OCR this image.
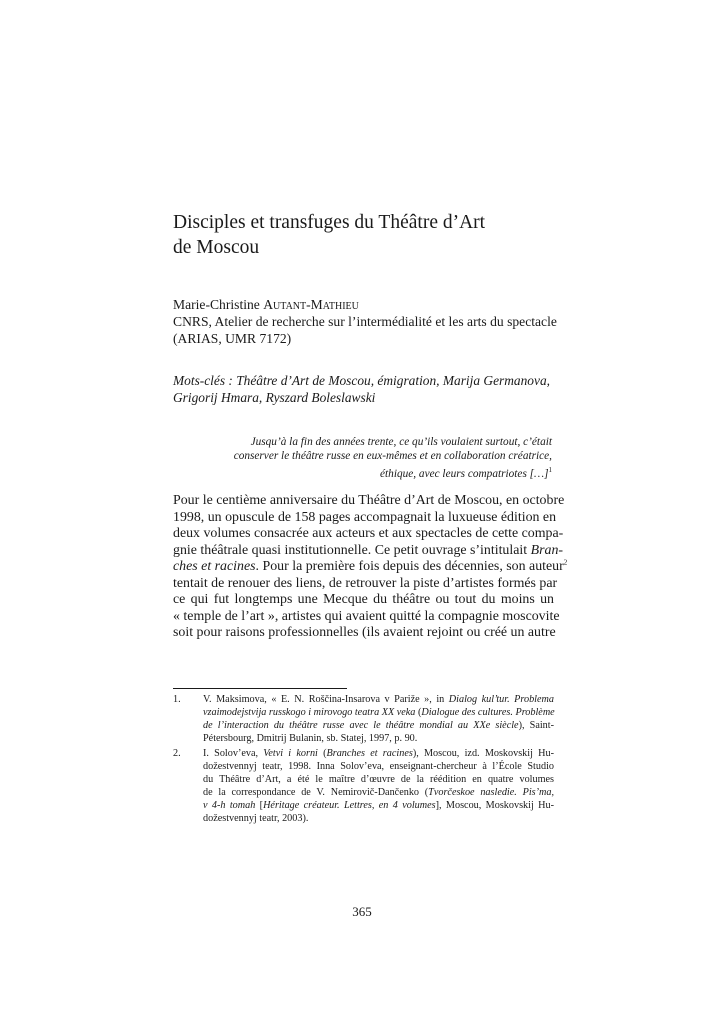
Disciples et transfuges du Théâtre d’Art
de Moscou
Marie-Christine Autant-Mathieu
CNRS, Atelier de recherche sur l’intermédialité et les arts du spectacle
(ARIAS, UMR 7172)
Mots-clés : Théâtre d’Art de Moscou, émigration, Marija Germanova,
Grigorij Hmara, Ryszard Boleslawski
Jusqu’à la fin des années trente, ce qu’ils voulaient surtout, c’était
conserver le théâtre russe en eux-mêmes et en collaboration créatrice,
éthique, avec leurs compatriotes […]$^1$
Pour le centième anniversaire du Théâtre d’Art de Moscou, en octobre
1998, un opuscule de 158 pages accompagnait la luxueuse édition en
deux volumes consacrée aux acteurs et aux spectacles de cette compa-
gnie théâtrale quasi institutionnelle. Ce petit ouvrage s’intitulait Bran-
ches et racines. Pour la première fois depuis des décennies, son auteur$^2$
tentait de renouer des liens, de retrouver la piste d’artistes formés par
ce qui fut longtemps une Mecque du théâtre ou tout du moins un
« temple de l’art », artistes qui avaient quitté la compagnie moscovite
soit pour raisons professionnelles (ils avaient rejoint ou créé un autre
1.	V. Maksimova, « E. N. Roščina-Insarova v Pariže », in Dialog kul’tur. Problema
vzaimodejstvija russkogo i mirovogo teatra XX veka (Dialogue des cultures. Problème
de l’interaction du théâtre russe avec le théâtre mondial au XXe siècle), Saint-
Pétersbourg, Dmitrij Bulanin, sb. Statej, 1997, p. 90.
2.	I. Solov’eva, Vetvi i korni (Branches et racines), Moscou, izd. Moskovskij Hu-
dožestvennyj teatr, 1998. Inna Solov’eva, enseignant-chercheur à l’École Studio
du Théâtre d’Art, a été le maître d’œuvre de la réédition en quatre volumes
de la correspondance de V. Nemirovič-Dančenko (Tvorčeskoe nasledie. Pis’ma,
v 4-h tomah [Héritage créateur. Lettres, en 4 volumes], Moscou, Moskovskij Hu-
dožestvennyj teatr, 2003).
365
